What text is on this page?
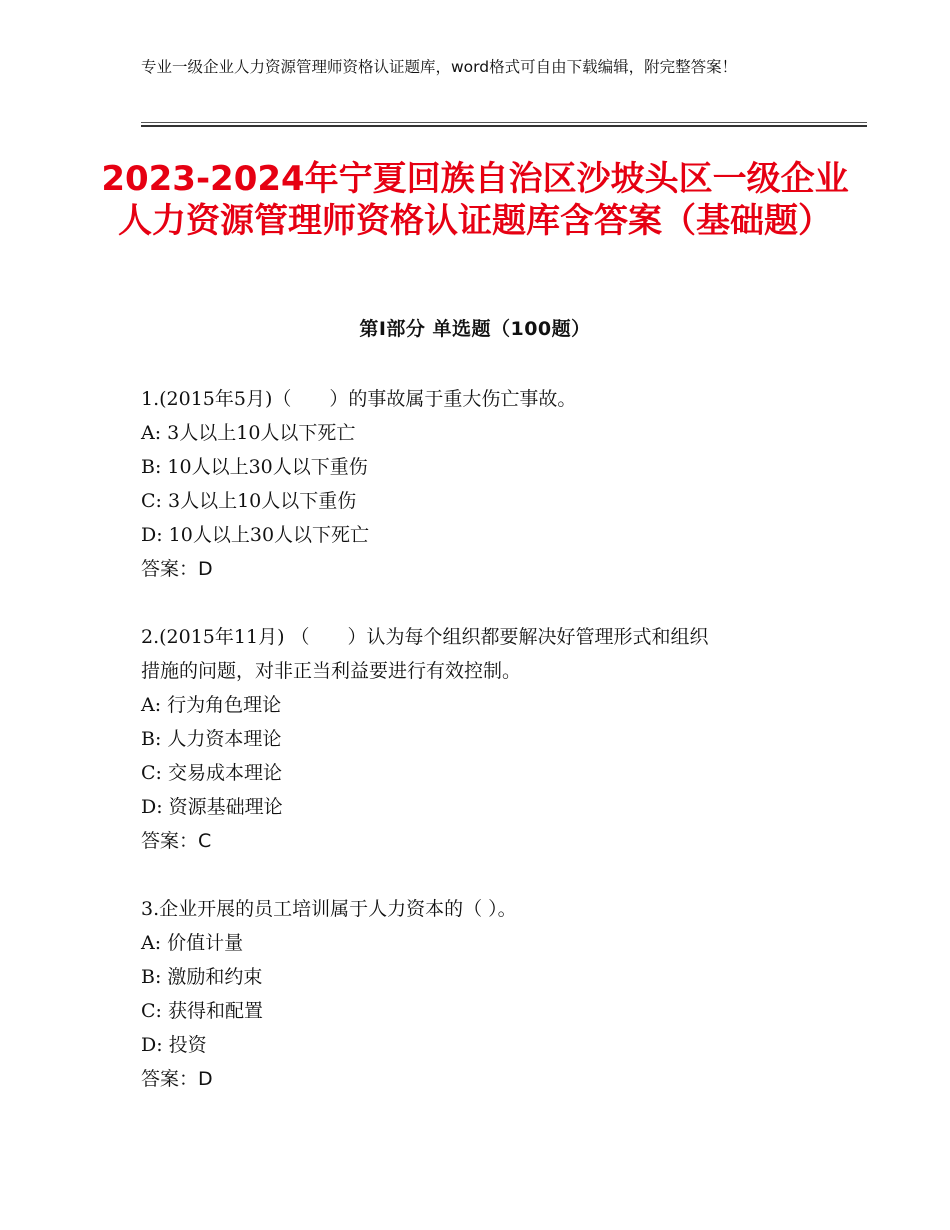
专业一级企业人力资源管理师资格认证题库，word格式可自由下载编辑，附完整答案！
2023-2024年宁夏回族自治区沙坡头区一级企业人力资源管理师资格认证题库含答案（基础题）
第Ⅰ部分 单选题（100题）
1.(2015年5月)（　　）的事故属于重大伤亡事故。
A: 3人以上10人以下死亡
B: 10人以上30人以下重伤
C: 3人以上10人以下重伤
D: 10人以上30人以下死亡
答案：D
2.(2015年11月) （　　）认为每个组织都要解决好管理形式和组织
措施的问题，对非正当利益要进行有效控制。
A: 行为角色理论
B: 人力资本理论
C: 交易成本理论
D: 资源基础理论
答案：C
3.企业开展的员工培训属于人力资本的（ ）。
A: 价值计量
B: 激励和约束
C: 获得和配置
D: 投资
答案：D
